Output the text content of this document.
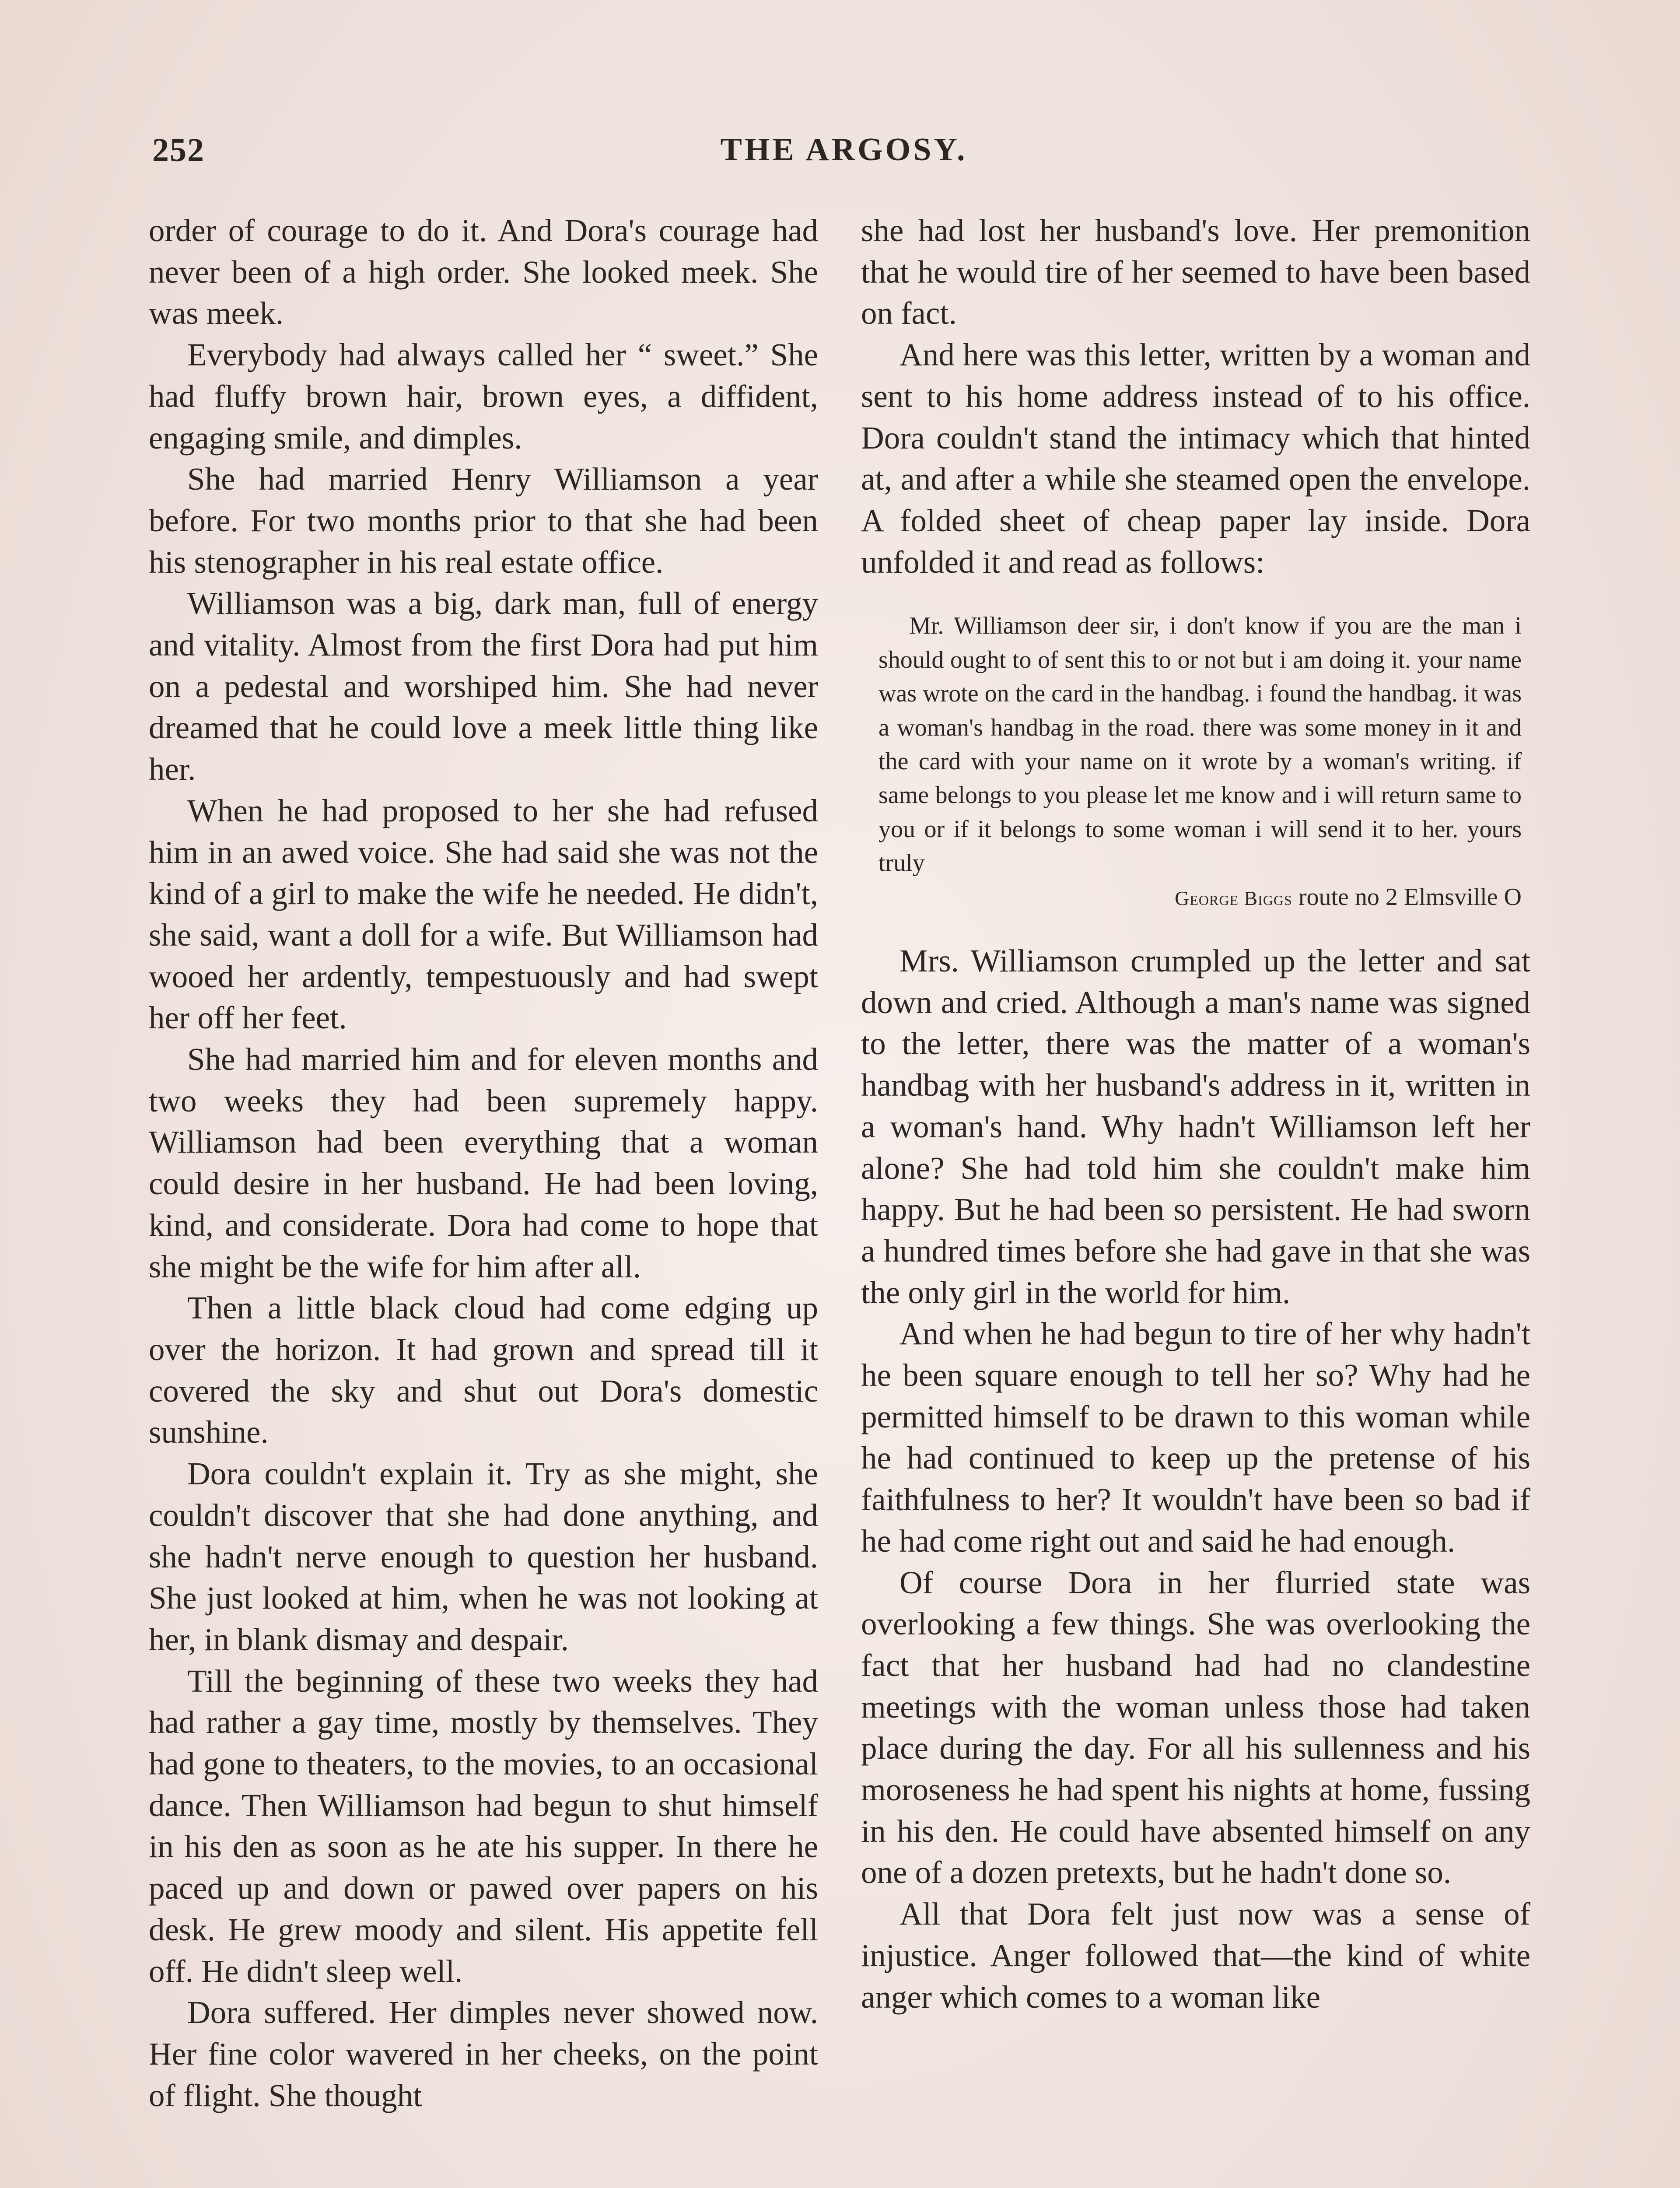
252	THE ARGOSY.

order of courage to do it. And Dora's courage had never been of a high order. She looked meek. She was meek.

Everybody had always called her “ sweet.” She had fluffy brown hair, brown eyes, a diffident, engaging smile, and dimples.

She had married Henry Williamson a year before. For two months prior to that she had been his stenographer in his real estate office.

Williamson was a big, dark man, full of energy and vitality. Almost from the first Dora had put him on a pedestal and worshiped him. She had never dreamed that he could love a meek little thing like her.

When he had proposed to her she had refused him in an awed voice. She had said she was not the kind of a girl to make the wife he needed. He didn't, she said, want a doll for a wife. But Williamson had wooed her ardently, tempestuously and had swept her off her feet.

She had married him and for eleven months and two weeks they had been supremely happy. Williamson had been everything that a woman could desire in her husband. He had been loving, kind, and considerate. Dora had come to hope that she might be the wife for him after all.

Then a little black cloud had come edging up over the horizon. It had grown and spread till it covered the sky and shut out Dora's domestic sunshine.

Dora couldn't explain it. Try as she might, she couldn't discover that she had done anything, and she hadn't nerve enough to question her husband. She just looked at him, when he was not looking at her, in blank dismay and despair.

Till the beginning of these two weeks they had had rather a gay time, mostly by themselves. They had gone to theaters, to the movies, to an occasional dance. Then Williamson had begun to shut himself in his den as soon as he ate his supper. In there he paced up and down or pawed over papers on his desk. He grew moody and silent. His appetite fell off. He didn't sleep well.

Dora suffered. Her dimples never showed now. Her fine color wavered in her cheeks, on the point of flight. She thought

she had lost her husband's love. Her premonition that he would tire of her seemed to have been based on fact.

And here was this letter, written by a woman and sent to his home address instead of to his office. Dora couldn't stand the intimacy which that hinted at, and after a while she steamed open the envelope. A folded sheet of cheap paper lay inside. Dora unfolded it and read as follows:

Mr. Williamson deer sir, i don't know if you are the man i should ought to of sent this to or not but i am doing it. your name was wrote on the card in the handbag. i found the handbag. it was a woman's handbag in the road. there was some money in it and the card with your name on it wrote by a woman's writing. if same belongs to you please let me know and i will return same to you or if it belongs to some woman i will send it to her. yours truly

George Biggs route no 2 Elmsville O

Mrs. Williamson crumpled up the letter and sat down and cried. Although a man's name was signed to the letter, there was the matter of a woman's handbag with her husband's address in it, written in a woman's hand. Why hadn't Williamson left her alone? She had told him she couldn't make him happy. But he had been so persistent. He had sworn a hundred times before she had gave in that she was the only girl in the world for him.

And when he had begun to tire of her why hadn't he been square enough to tell her so? Why had he permitted himself to be drawn to this woman while he had continued to keep up the pretense of his faithfulness to her? It wouldn't have been so bad if he had come right out and said he had enough.

Of course Dora in her flurried state was overlooking a few things. She was overlooking the fact that her husband had had no clandestine meetings with the woman unless those had taken place during the day. For all his sullenness and his moroseness he had spent his nights at home, fussing in his den. He could have absented himself on any one of a dozen pretexts, but he hadn't done so.

All that Dora felt just now was a sense of injustice. Anger followed that—the kind of white anger which comes to a woman like
